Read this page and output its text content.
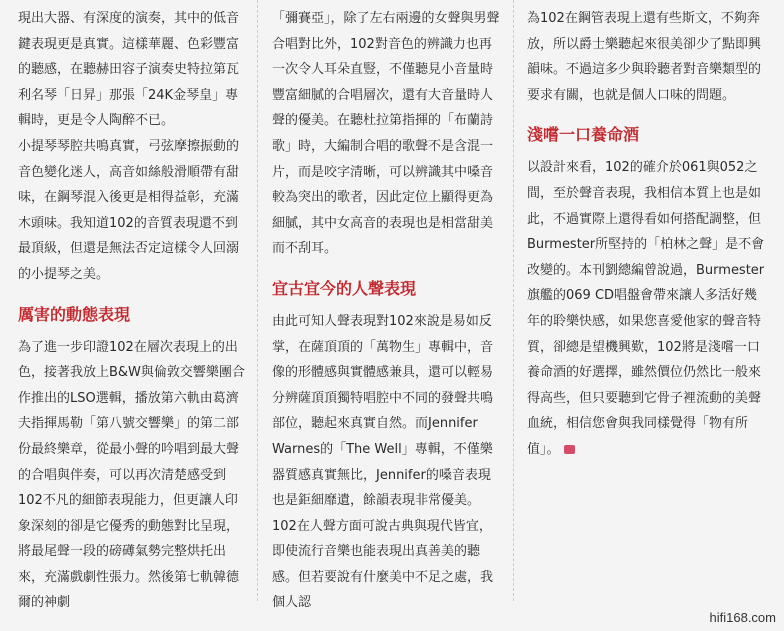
現出大器、有深度的演奏，其中的低音鍵表現更是真實。這樣華麗、色彩豐富的聽感，在聽赫田容子演奏史特拉第瓦利名琴「日昇」那張「24K金琴皇」專輯時，更是令人陶醉不已。

小提琴琴腔共鳴真實，弓弦摩擦振動的音色變化迷人，高音如絲般滑順帶有甜味，在鋼琴混入後更是相得益彰，充滿木頭味。我知道102的音質表現還不到最頂級，但還是無法否定這樣令人回溺的小提琴之美。

厲害的動態表現

為了進一步印證102在層次表現上的出色，接著我放上B&W與倫敦交響樂團合作推出的LSO選輯，播放第六軌由葛濟夫指揮馬勒「第八號交響樂」的第二部份最終樂章，從最小聲的吟唱到最大聲的合唱與伴奏，可以再次清楚感受到102不凡的細節表現能力，但更讓人印象深刻的卻是它優秀的動態對比呈現，將最尾聲一段的磅礡氣勢完整烘托出來，充滿戲劇性張力。然後第七軌韓德爾的神劇

「彌賽亞」，除了左右兩邊的女聲與男聲合唱對比外，102對音色的辨識力也再一次令人耳朵直豎，不僅聽見小音量時豐富細膩的合唱層次，還有大音量時人聲的優美。在聽杜拉第指揮的「布蘭詩歌」時，大編制合唱的歌聲不是含混一片，而是咬字清晰，可以辨識其中嗓音較為突出的歌者，因此定位上顯得更為細膩，其中女高音的表現也是相當甜美而不刮耳。

宜古宜今的人聲表現

由此可知人聲表現對102來說是易如反掌，在薩頂頂的「萬物生」專輯中，音像的形體感與實體感兼具，還可以輕易分辨薩頂頂獨特唱腔中不同的發聲共鳴部位，聽起來真實自然。而Jennifer Warnes的「The Well」專輯，不僅樂器質感真實無比，Jennifer的嗓音表現也是鉅細靡遺，餘韻表現非常優美。102在人聲方面可說古典與現代皆宜，即使流行音樂也能表現出真善美的聽感。但若要說有什麼美中不足之處，我個人認

為102在鋼管表現上還有些斯文，不夠奔放，所以爵士樂聽起來很美卻少了點即興韻味。不過這多少與聆聽者對音樂類型的要求有關，也就是個人口味的問題。

淺嚐一口養命酒

以設計來看，102的確介於061與052之間，至於聲音表現，我相信本質上也是如此，不過實際上還得看如何搭配調整，但Burmester所堅持的「柏林之聲」是不會改變的。本刊劉總編曾說過，Burmester旗艦的069 CD唱盤會帶來讓人多活好幾年的聆樂快感，如果您喜愛他家的聲音特質，卻總是望機興歎，102將是淺嚐一口養命酒的好選擇，雖然價位仍然比一般來得高些，但只要聽到它骨子裡流動的美聲血統，相信您會與我同樣覺得「物有所值」。

hifi168.com
